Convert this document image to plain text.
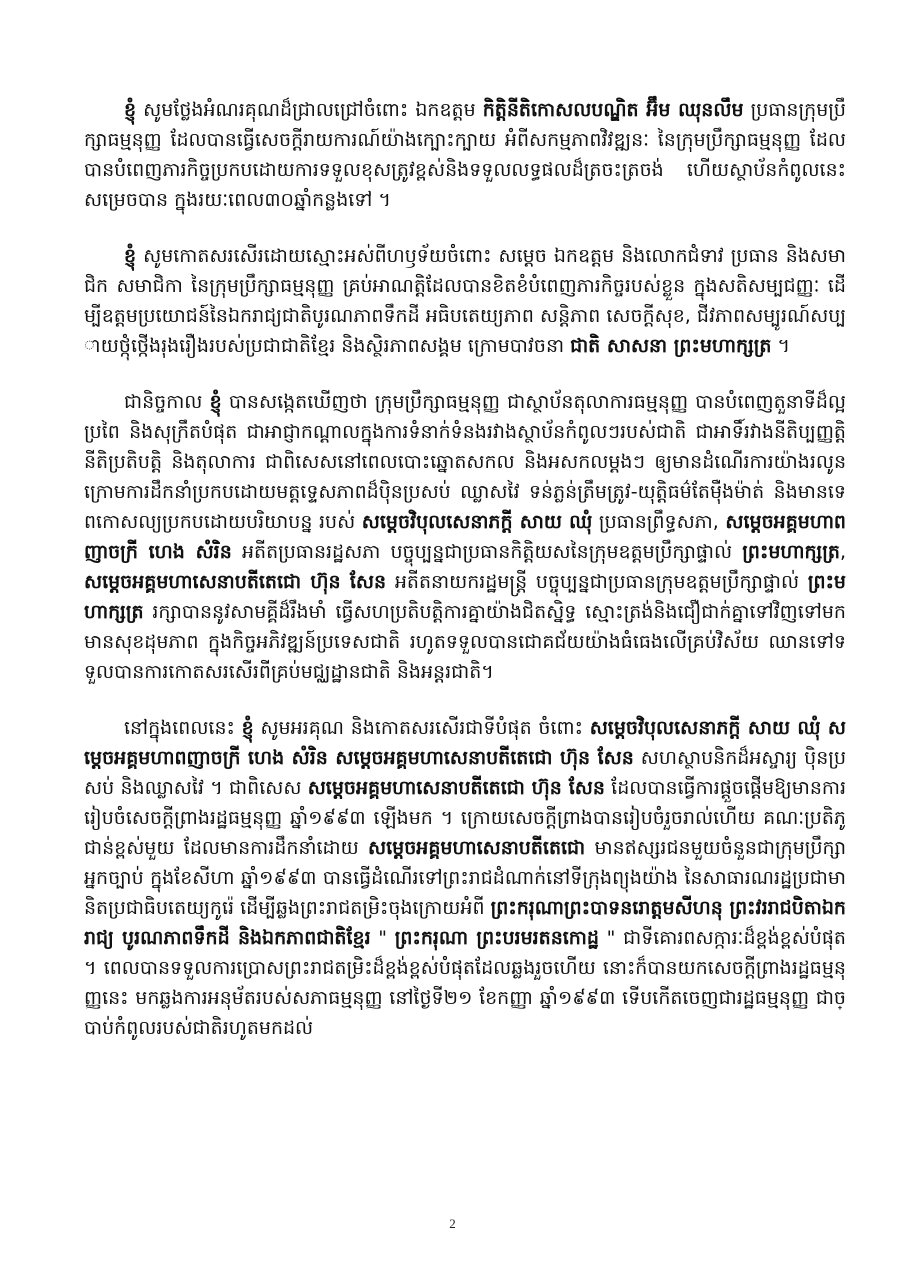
ខ្ញុំ សូមថ្លែងអំណរគុណដ៏ជ្រាលជ្រៅចំពោះ ឯកឧត្ដម កិត្តិនីតិកោសលបណ្ឌិត អ៊ឹម ឈុនលឹម ប្រធានក្រុមប្រឹក្សាធម្មនុញ្ញ ដែលបានធ្វើសេចក្ដីរាយការណ៍យ៉ាងក្បោះក្បាយ អំពីសកម្មភាពវិវឌ្ឍនៈ នៃក្រុមប្រឹក្សាធម្មនុញ្ញ ដែលបានបំពេញភារកិច្ចប្រកបដោយការទទួលខុសត្រូវខ្ពស់និងទទួលលទ្ធផលដ៏ត្រចះត្រចង់ ហើយស្ថាប័នកំពូលនេះសម្រេចបាន ក្នុងរយៈពេល៣០ឆ្នាំកន្លងទៅ ។

ខ្ញុំ សូមកោតសរសើរដោយស្មោះអស់ពីហឫទ័យចំពោះ សម្ដេច ឯកឧត្ដម និងលោកជំទាវ ប្រធាន និងសមាជិក សមាជិកា នៃក្រុមប្រឹក្សាធម្មនុញ្ញ គ្រប់អាណត្តិដែលបានខិតខំបំពេញភារកិច្ចរបស់ខ្លួន ក្នុងសតិសម្បជញ្ញៈ ដើម្បីឧត្តមប្រយោជន៍នៃឯករាជ្យជាតិបូរណភាពទឹកដី អធិបតេយ្យភាព សន្តិភាព សេចក្ដីសុខ, ជីវភាពសម្បូរណ៍សប្បាយថ្កុំថ្កើងរុងរឿងរបស់ប្រជាជាតិខ្មែរ និងស្ថិរភាពសង្គម ក្រោមបាវចនា ជាតិ សាសនា ព្រះមហាក្សត្រ ។

ជានិច្ចកាល ខ្ញុំ បានសង្កេតឃើញថា ក្រុមប្រឹក្សាធម្មនុញ្ញ ជាស្ថាប័នតុលាការធម្មនុញ្ញ បានបំពេញតួនាទីដ៏ល្អប្រពៃ និងសុក្រឹតបំផុត ជាអាជ្ញាកណ្ដាលក្នុងការទំនាក់ទំនងរវាងស្ថាប័នកំពូលៗរបស់ជាតិ ជាអាទិ៍រវាងនីតិប្បញ្ញត្តិ នីតិប្រតិបត្តិ និងតុលាការ ជាពិសេសនៅពេលបោះឆ្នោតសកល និងអសកលម្ដងៗ ឲ្យមានដំណើរការយ៉ាងរលូន ក្រោមការដឹកនាំប្រកបដោយមត្តទ្ទេសភាពដ៏ប៉ិនប្រសប់ ឈ្លាសវៃ ទន់ភ្លន់ត្រឹមត្រូវ-យុត្តិធម៌តែម៉ឺងម៉ាត់ និងមានទេពកោសល្យប្រកបដោយបរិយាបន្ន របស់ សម្ដេចវិបុលសេនាភក្ដី សាយ ឈុំ ប្រធានព្រឹទ្ធសភា, សម្ដេចអគ្គមហាពញាចក្រី ហេង សំរិន អតីតប្រធានរដ្ឋសភា បច្ចុប្បន្នជាប្រធានកិត្តិយសនៃក្រុមឧត្ដមប្រឹក្សាផ្ទាល់ ព្រះមហាក្សត្រ, សម្ដេចអគ្គមហាសេនាបតីតេជោ ហ៊ុន សែន អតីតនាយករដ្ឋមន្ត្រី បច្ចុប្បន្នជាប្រធានក្រុមឧត្ដមប្រឹក្សាផ្ទាល់ ព្រះមហាក្សត្រ រក្សាបាននូវសាមគ្គីដ៏រឹងមាំ ធ្វើសហប្រតិបត្តិការគ្នាយ៉ាងជិតស្និទ្ធ ស្មោះត្រង់និងជឿជាក់គ្នាទៅវិញទៅមក មានសុខដុមភាព ក្នុងកិច្ចអភិវឌ្ឍន៍ប្រទេសជាតិ រហូតទទួលបានជោគជ័យយ៉ាងធំធេងលើគ្រប់វិស័យ ឈានទៅទទួលបានការកោតសរសើរពីគ្រប់មជ្ឈដ្ឋានជាតិ និងអន្តរជាតិ។

នៅក្នុងពេលនេះ ខ្ញុំ សូមអរគុណ និងកោតសរសើរជាទីបំផុត ចំពោះ សម្ដេចវិបុលសេនាភក្ដី សាយ ឈុំ សម្ដេចអគ្គមហាពញាចក្រី ហេង សំរិន សម្ដេចអគ្គមហាសេនាបតីតេជោ ហ៊ុន សែន សហស្ថាបនិកដ៏អស្ចារ្យ ប៉ិនប្រសប់ និងឈ្លាសវៃ ។ ជាពិសេស សម្ដេចអគ្គមហាសេនាបតីតេជោ ហ៊ុន សែន ដែលបានធ្វើការផ្ដួចផ្ដើមឱ្យមានការរៀបចំសេចក្ដីព្រាងរដ្ឋធម្មនុញ្ញ ឆ្នាំ១៩៩៣ ឡើងមក ។ ក្រោយសេចក្ដីព្រាងបានរៀបចំរួចរាល់ហើយ គណៈប្រតិភូជាន់ខ្ពស់មួយ ដែលមានការដឹកនាំដោយ សម្ដេចអគ្គមហាសេនាបតីតេជោ មានឥស្សរជនមួយចំនួនជាក្រុមប្រឹក្សាអ្នកច្បាប់ ក្នុងខែសីហា ឆ្នាំ១៩៩៣ បានធ្វើដំណើរទៅព្រះរាជដំណាក់នៅទីក្រុងព្យុងយ៉ាង នៃសាធារណរដ្ឋប្រជាមានិតប្រជាធិបតេយ្យកូរ៉េ ដើម្បីឆ្លងព្រះរាជតម្រិះចុងក្រោយអំពី ព្រះករុណាព្រះបាទនរោត្តមសីហនុ ព្រះវររាជបិតាឯករាជ្យ បូរណភាពទឹកដី និងឯកភាពជាតិខ្មែរ " ព្រះករុណា ព្រះបរមរតនកោដ្ឋ " ជាទីគោរពសក្ការៈដ៏ខ្ពង់ខ្ពស់បំផុត ។ ពេលបានទទួលការប្រោសព្រះរាជតម្រិះដ៏ខ្ពង់ខ្ពស់បំផុតដែលឆ្លងរួចហើយ នោះក៏បានយកសេចក្ដីព្រាងរដ្ឋធម្មនុញ្ញនេះ មកឆ្លងការអនុម័តរបស់សភាធម្មនុញ្ញ នៅថ្ងៃទី២១ ខែកញ្ញា ឆ្នាំ១៩៩៣ ទើបកើតចេញជារដ្ឋធម្មនុញ្ញ ជាច្បាប់កំពូលរបស់ជាតិរហូតមកដល់

2
